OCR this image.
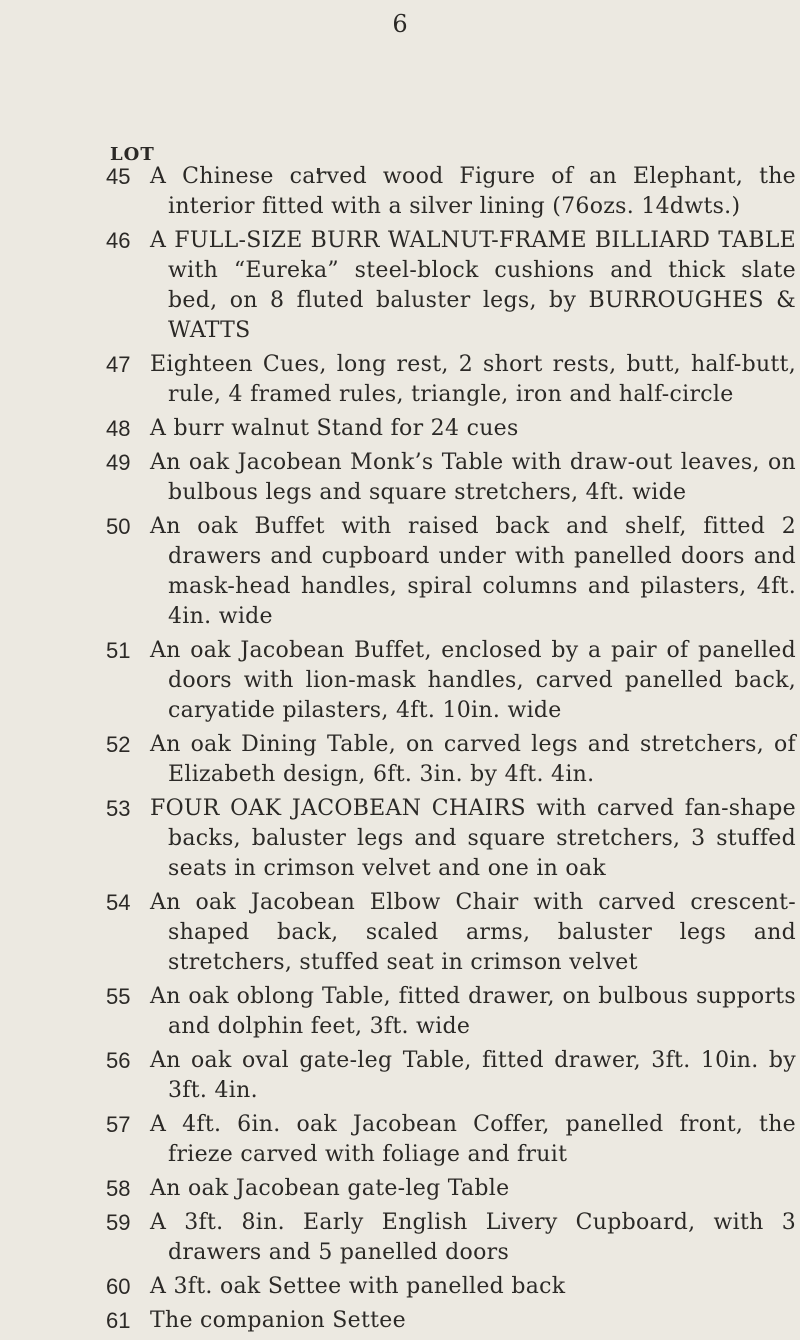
6
LOT
45 A Chinese carved wood Figure of an Elephant, the interior fitted with a silver lining (76ozs. 14dwts.)
46 A FULL-SIZE BURR WALNUT-FRAME BILLIARD TABLE with “Eureka” steel-block cushions and thick slate bed, on 8 fluted baluster legs, by BURROUGHES & WATTS
47 Eighteen Cues, long rest, 2 short rests, butt, half-butt, rule, 4 framed rules, triangle, iron and half-circle
48 A burr walnut Stand for 24 cues
49 An oak Jacobean Monk’s Table with draw-out leaves, on bulbous legs and square stretchers, 4ft. wide
50 An oak Buffet with raised back and shelf, fitted 2 drawers and cupboard under with panelled doors and mask-head handles, spiral columns and pilasters, 4ft. 4in. wide
51 An oak Jacobean Buffet, enclosed by a pair of panelled doors with lion-mask handles, carved panelled back, caryatide pilasters, 4ft. 10in. wide
52 An oak Dining Table, on carved legs and stretchers, of Elizabeth design, 6ft. 3in. by 4ft. 4in.
53 FOUR OAK JACOBEAN CHAIRS with carved fan-shape backs, baluster legs and square stretchers, 3 stuffed seats in crimson velvet and one in oak
54 An oak Jacobean Elbow Chair with carved crescent-shaped back, scaled arms, baluster legs and stretchers, stuffed seat in crimson velvet
55 An oak oblong Table, fitted drawer, on bulbous supports and dolphin feet, 3ft. wide
56 An oak oval gate-leg Table, fitted drawer, 3ft. 10in. by 3ft. 4in.
57 A 4ft. 6in. oak Jacobean Coffer, panelled front, the frieze carved with foliage and fruit
58 An oak Jacobean gate-leg Table
59 A 3ft. 8in. Early English Livery Cupboard, with 3 drawers and 5 panelled doors
60 A 3ft. oak Settee with panelled back
61 The companion Settee
